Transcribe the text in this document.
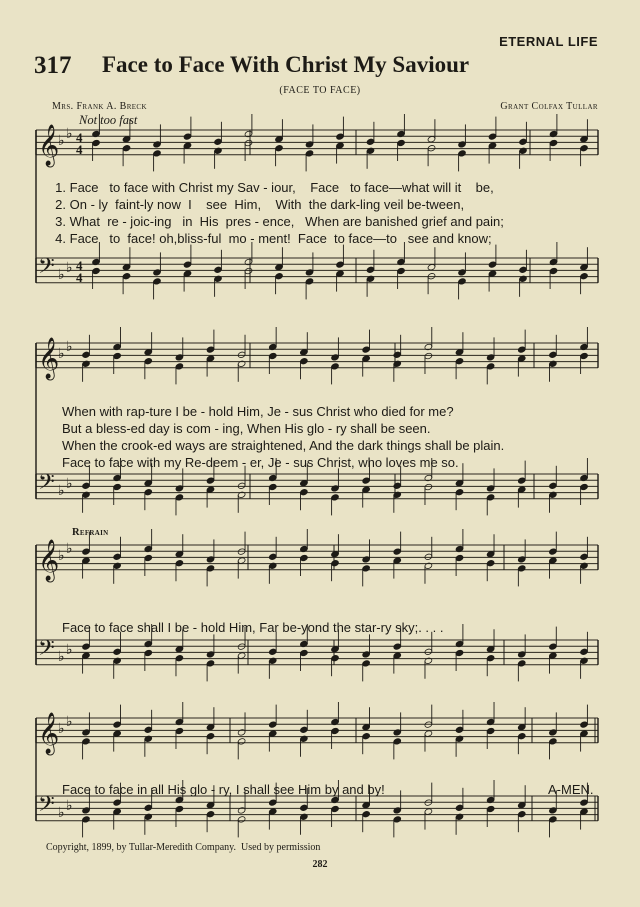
ETERNAL LIFE
317 Face to Face With Christ My Saviour
(FACE TO FACE)
Mrs. Frank A. Breck	Grant Colfax Tullar
Not too fast
Refrain
𝄞
♭ ♭ 4
4
𝄢 ♭ ♭ 4
4
𝄞
♭ ♭
𝄢 ♭ ♭
𝄞
♭ ♭
𝄢 ♭ ♭
𝄞
♭ ♭
𝄢 ♭ ♭
1. Face   to face with Christ my Sav - iour,    Face   to face—what will it    be,
2. On - ly  faint-ly now  I    see  Him,    With  the dark-ling veil be-tween,
3. What  re - joic-ing   in  His  pres - ence,   When are banished grief and pain;
4. Face   to  face! oh,bliss-ful  mo - ment!  Face  to face—to   see and know;
When with rap-ture I be - hold Him, Je - sus Christ who died for me?
But a bless-ed day is com - ing, When His glo - ry shall be seen.
When the crook-ed ways are straightened, And the dark things shall be plain.
Face to face with my Re-deem - er, Je - sus Christ, who loves me so.
Face to face shall I be - hold Him, Far be-yond the star-ry sky;. . . .
Face to face in all His glo - ry, I shall see Him by and by!	A-MEN.
Copyright, 1899, by Tullar-Meredith Company. Used by permission
282
